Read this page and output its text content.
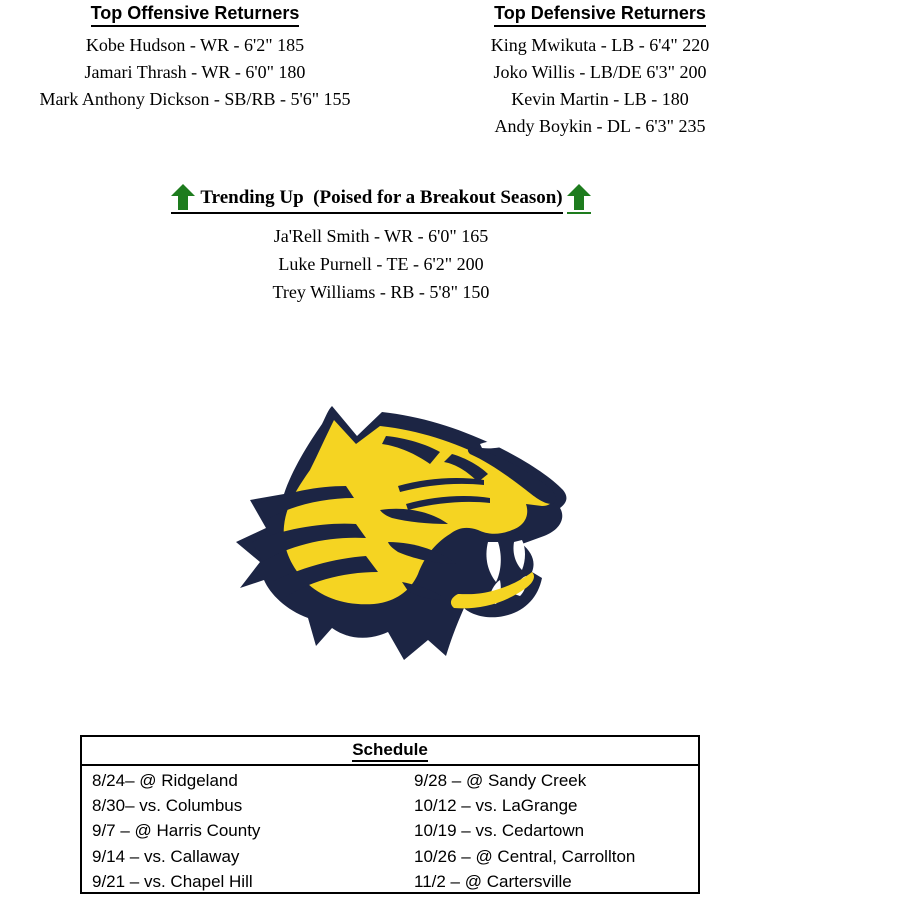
Top Offensive Returners
Kobe Hudson - WR - 6'2" 185
Jamari Thrash - WR - 6'0" 180
Mark Anthony Dickson - SB/RB - 5'6" 155
Top Defensive Returners
King Mwikuta - LB - 6'4" 220
Joko Willis - LB/DE 6'3" 200
Kevin Martin - LB - 180
Andy Boykin - DL - 6'3" 235
Trending Up  (Poised for a Breakout Season)
Ja'Rell Smith - WR - 6'0" 165
Luke Purnell - TE - 6'2" 200
Trey Williams - RB - 5'8" 150
Schedule
8/24– @ Ridgeland
8/30– vs. Columbus
9/7 – @ Harris County
9/14 – vs. Callaway
9/21 – vs. Chapel Hill
9/28 – @ Sandy Creek
10/12 – vs. LaGrange
10/19 – vs. Cedartown
10/26 – @ Central, Carrollton
11/2 – @ Cartersville
